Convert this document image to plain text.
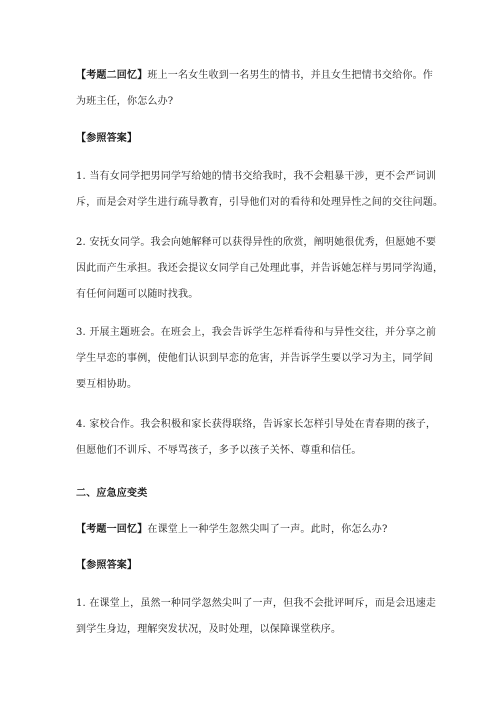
【考题二回忆】班上一名女生收到一名男生的情书，并且女生把情书交给你。作
为班主任，你怎么办?
【参照答案】
1. 当有女同学把男同学写给她的情书交给我时，我不会粗暴干涉，更不会严词训
斥，而是会对学生进行疏导教育，引导他们对的看待和处理异性之间的交往问题。
2. 安抚女同学。我会向她解释可以获得异性的欣赏，阐明她很优秀，但愿她不要
因此而产生承担。我还会提议女同学自己处理此事，并告诉她怎样与男同学沟通，
有任何问题可以随时找我。
3. 开展主题班会。在班会上，我会告诉学生怎样看待和与异性交往，并分享之前
学生早恋的事例，使他们认识到早恋的危害，并告诉学生要以学习为主，同学间
要互相协助。
4. 家校合作。我会积极和家长获得联络，告诉家长怎样引导处在青春期的孩子，
但愿他们不训斥、不辱骂孩子，多予以孩子关怀、尊重和信任。
二、应急应变类
【考题一回忆】在课堂上一种学生忽然尖叫了一声。此时，你怎么办?
【参照答案】
1. 在课堂上，虽然一种同学忽然尖叫了一声，但我不会批评呵斥，而是会迅速走
到学生身边，理解突发状况，及时处理，以保障课堂秩序。
